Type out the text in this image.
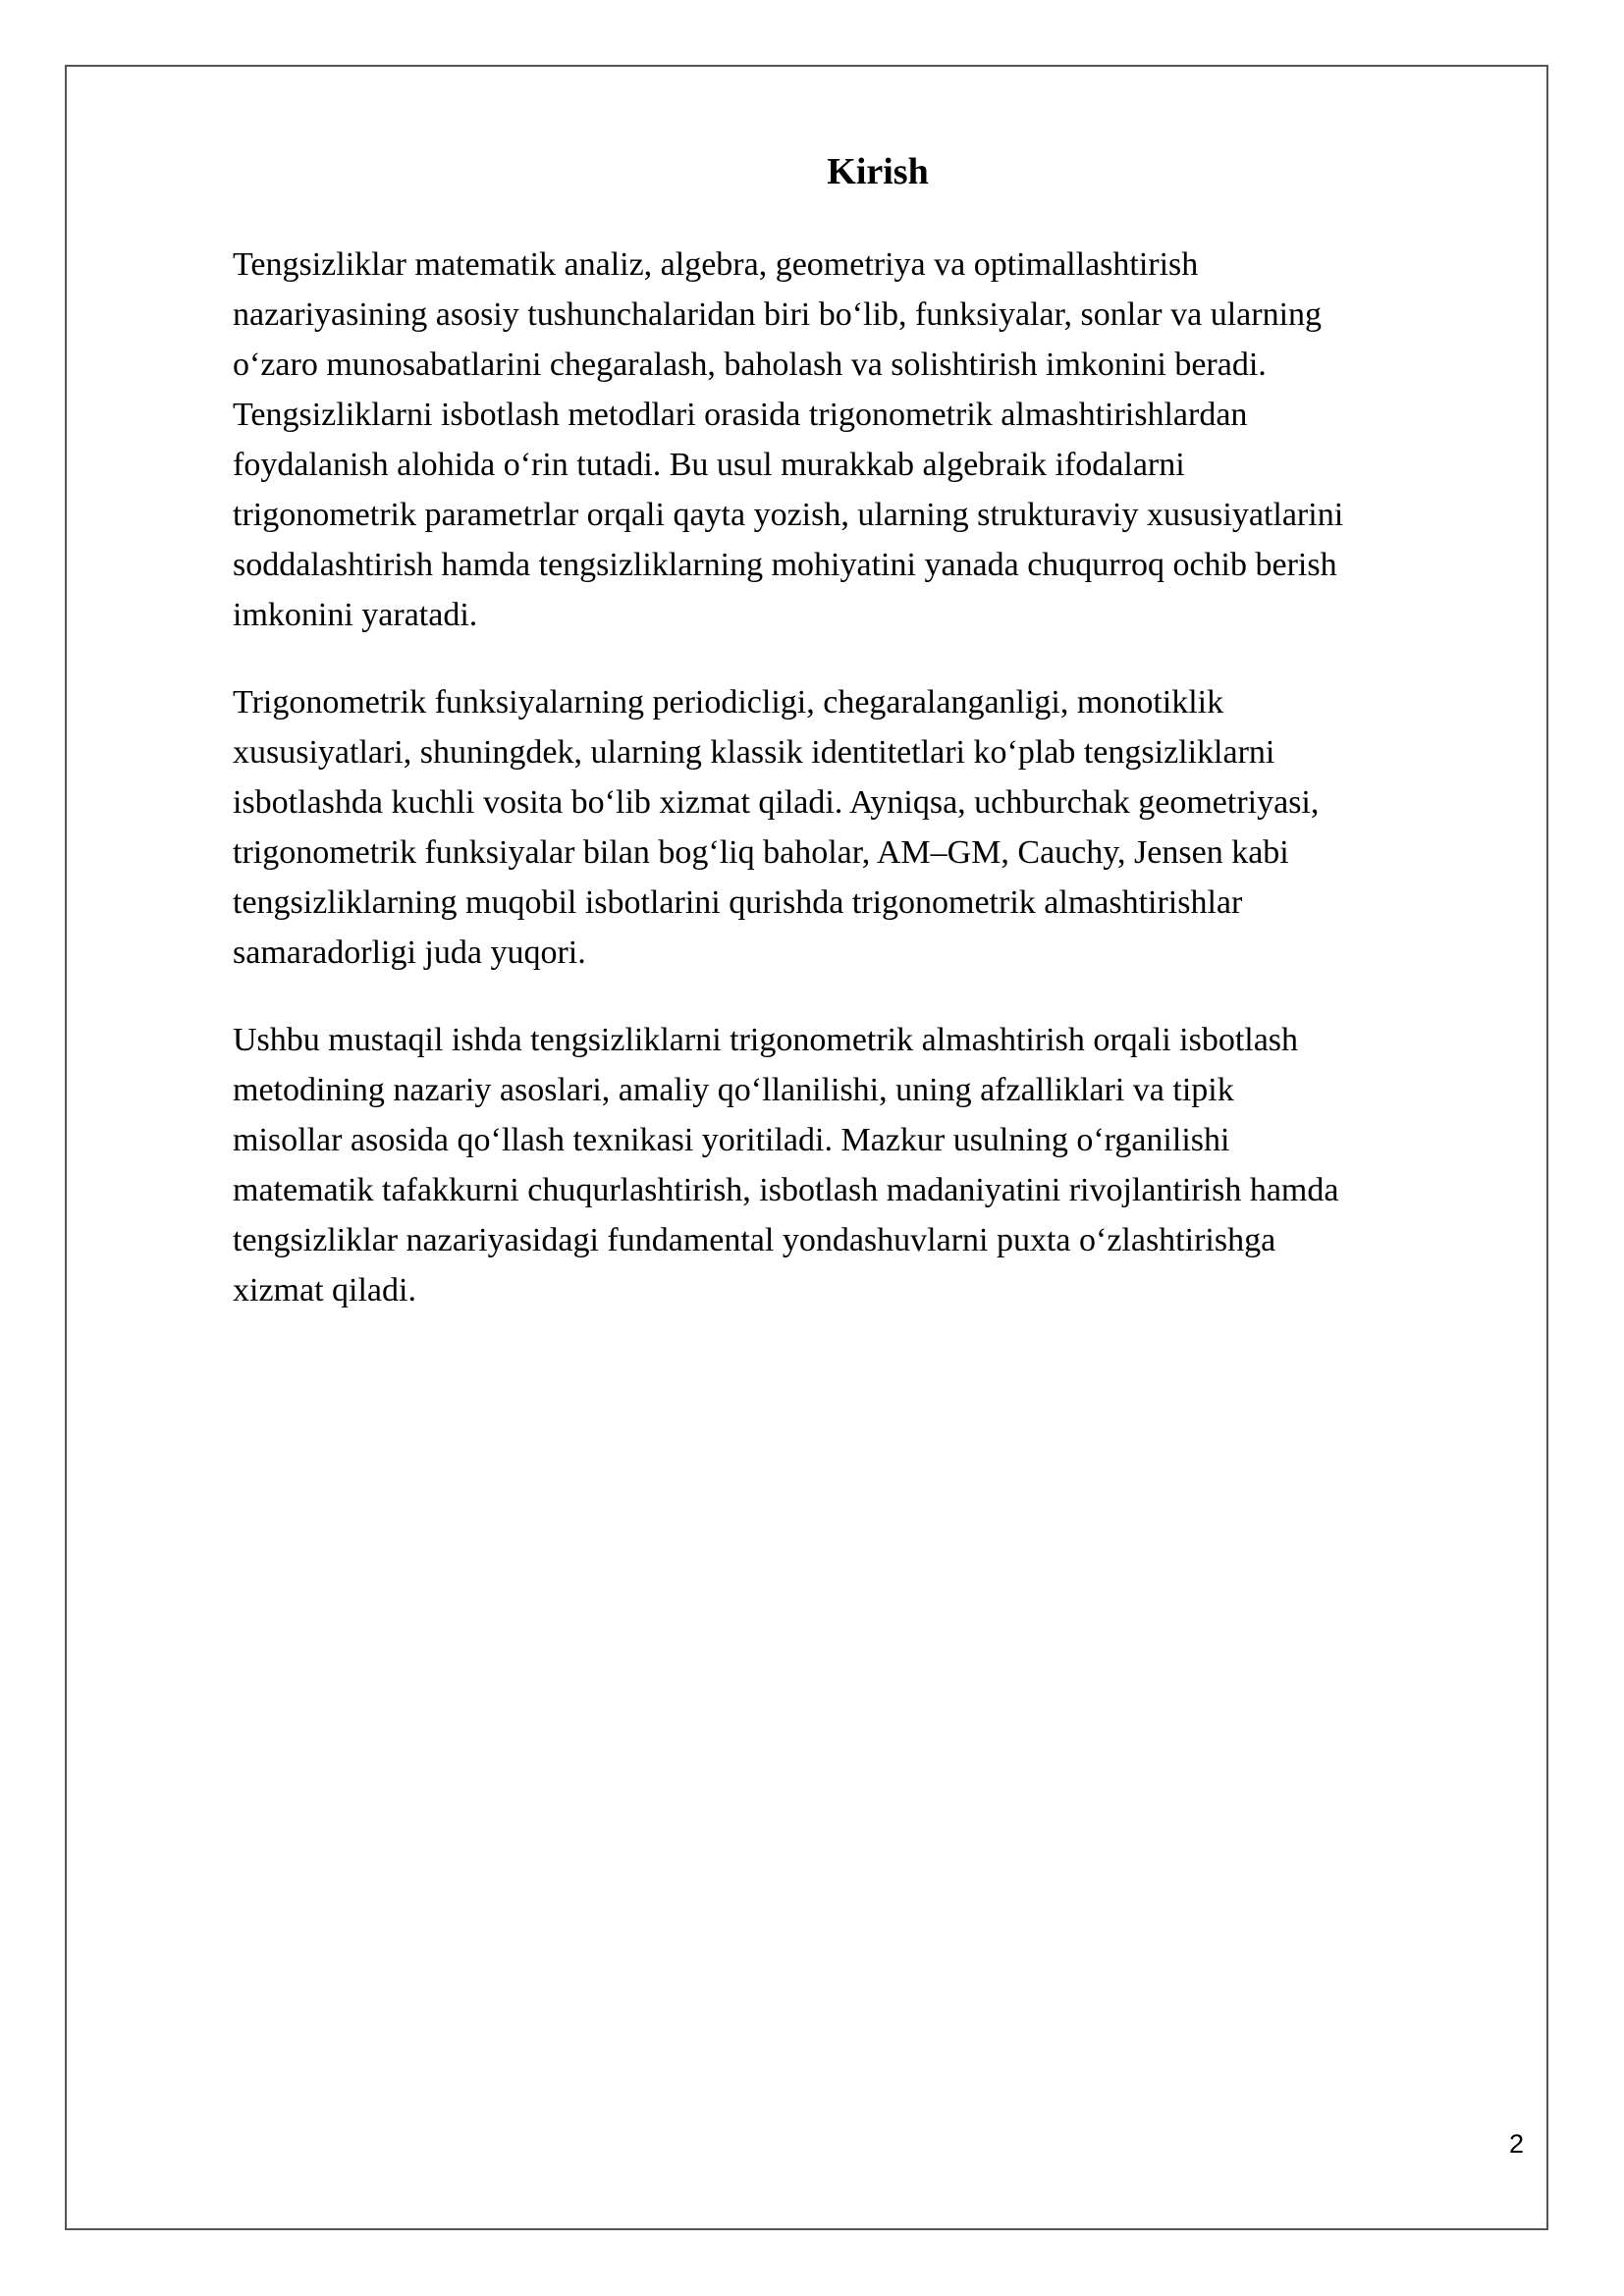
Kirish

Tengsizliklar matematik analiz, algebra, geometriya va optimallashtirish
nazariyasining asosiy tushunchalaridan biri bo‘lib, funksiyalar, sonlar va ularning
o‘zaro munosabatlarini chegaralash, baholash va solishtirish imkonini beradi.
Tengsizliklarni isbotlash metodlari orasida trigonometrik almashtirishlardan
foydalanish alohida o‘rin tutadi. Bu usul murakkab algebraik ifodalarni
trigonometrik parametrlar orqali qayta yozish, ularning strukturaviy xususiyatlarini
soddalashtirish hamda tengsizliklarning mohiyatini yanada chuqurroq ochib berish
imkonini yaratadi.

Trigonometrik funksiyalarning periodicligi, chegaralanganligi, monotiklik
xususiyatlari, shuningdek, ularning klassik identitetlari ko‘plab tengsizliklarni
isbotlashda kuchli vosita bo‘lib xizmat qiladi. Ayniqsa, uchburchak geometriyasi,
trigonometrik funksiyalar bilan bog‘liq baholar, AM–GM, Cauchy, Jensen kabi
tengsizliklarning muqobil isbotlarini qurishda trigonometrik almashtirishlar
samaradorligi juda yuqori.

Ushbu mustaqil ishda tengsizliklarni trigonometrik almashtirish orqali isbotlash
metodining nazariy asoslari, amaliy qo‘llanilishi, uning afzalliklari va tipik
misollar asosida qo‘llash texnikasi yoritiladi. Mazkur usulning o‘rganilishi
matematik tafakkurni chuqurlashtirish, isbotlash madaniyatini rivojlantirish hamda
tengsizliklar nazariyasidagi fundamental yondashuvlarni puxta o‘zlashtirishga
xizmat qiladi.

2
